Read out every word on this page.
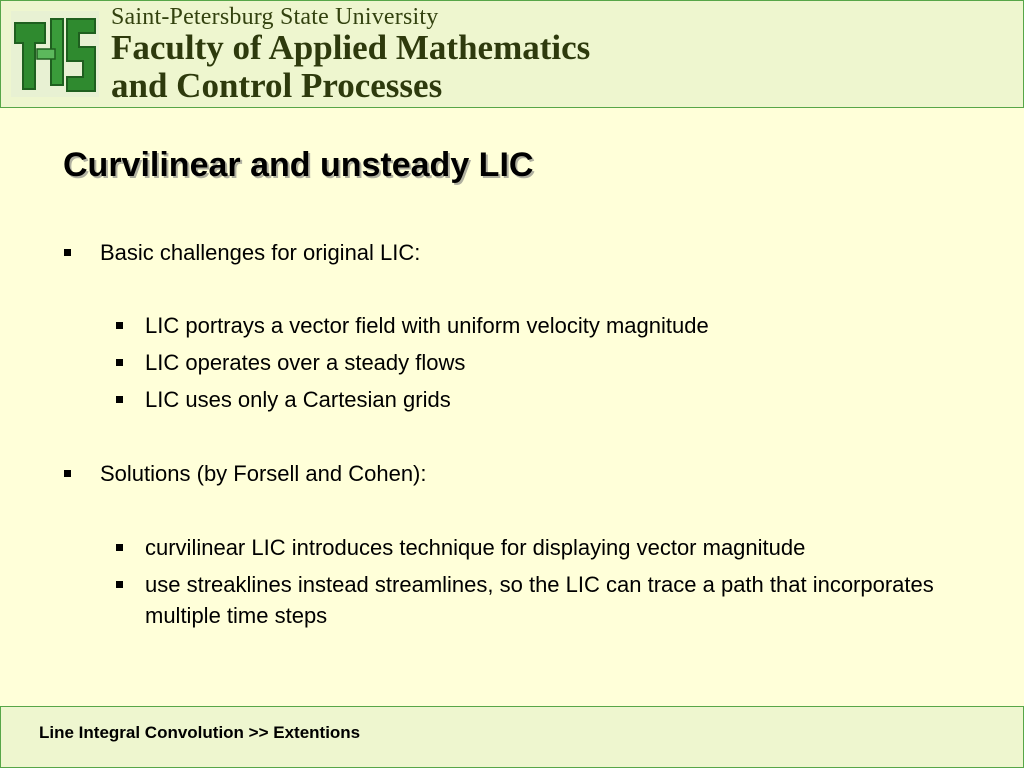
Saint-Petersburg State University
Faculty of Applied Mathematics
and Control Processes
Curvilinear and unsteady LIC
Basic challenges for original LIC:
LIC portrays a vector field with uniform velocity magnitude
LIC operates over a steady flows
LIC uses only a Cartesian grids
Solutions (by Forsell and Cohen):
curvilinear LIC introduces technique for displaying vector magnitude
use streaklines instead streamlines, so the LIC can trace a path that incorporates multiple time steps
Line Integral Convolution >> Extentions
